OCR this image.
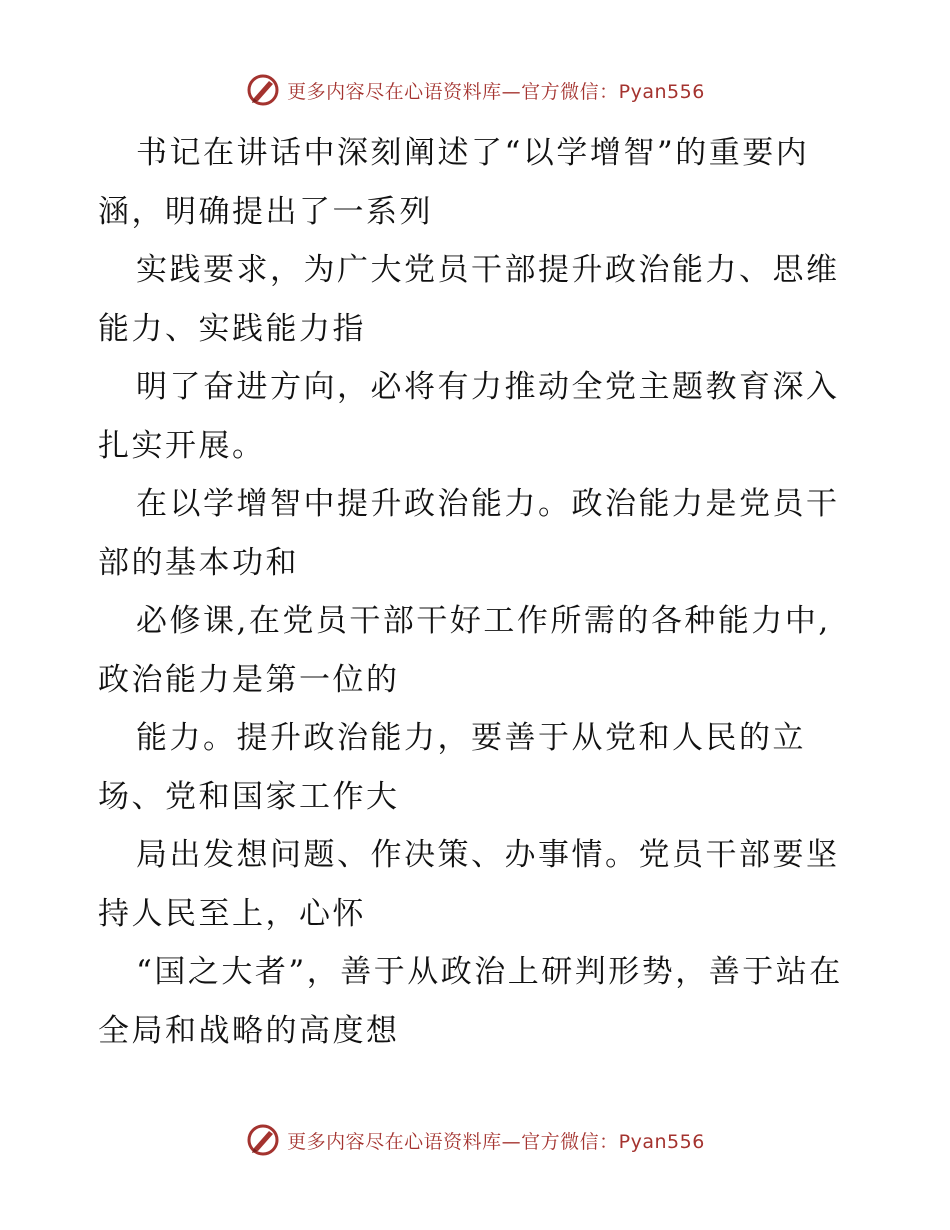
更多内容尽在心语资料库—官方微信：Pyan556

书记在讲话中深刻阐述了“以学增智”的重要内涵，明确提出了一系列

实践要求，为广大党员干部提升政治能力、思维能力、实践能力指

明了奋进方向，必将有力推动全党主题教育深入扎实开展。

在以学增智中提升政治能力。政治能力是党员干部的基本功和

必修课,在党员干部干好工作所需的各种能力中,政治能力是第一位的

能力。提升政治能力，要善于从党和人民的立场、党和国家工作大

局出发想问题、作决策、办事情。党员干部要坚持人民至上，心怀

“国之大者”，善于从政治上研判形势，善于站在全局和战略的高度想

更多内容尽在心语资料库—官方微信：Pyan556
